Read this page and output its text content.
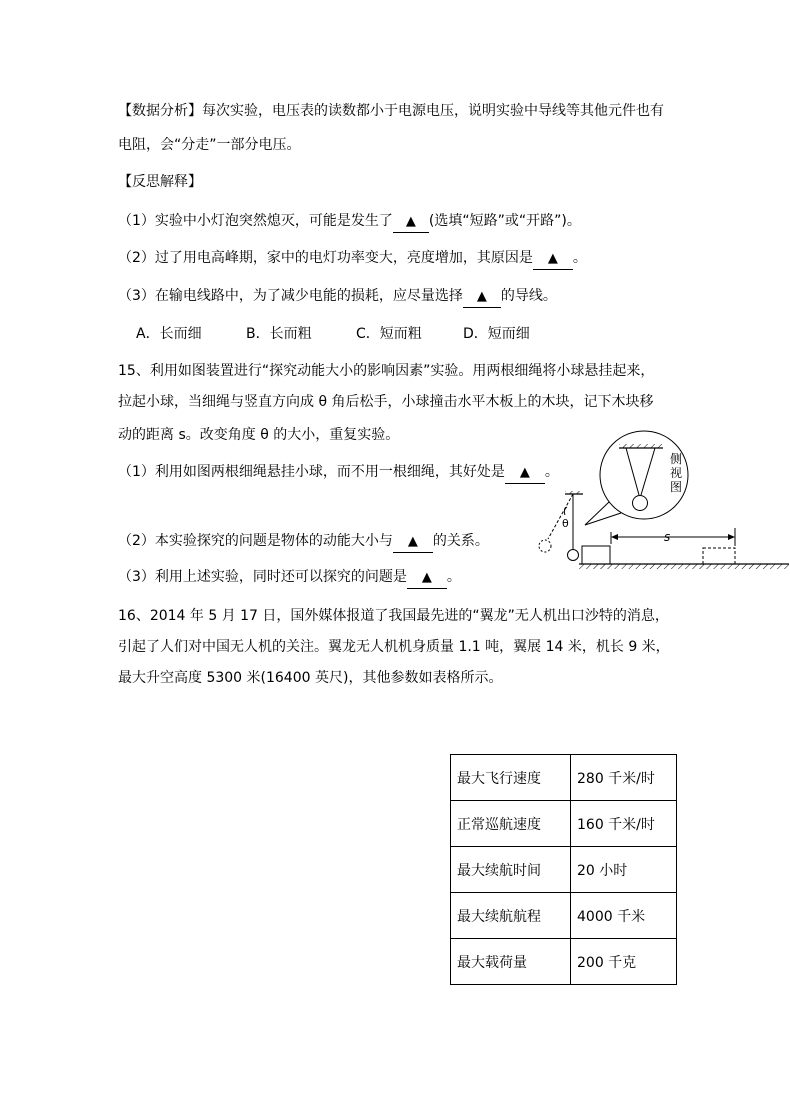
【数据分析】每次实验，电压表的读数都小于电源电压，说明实验中导线等其他元件也有
电阻，会“分走”一部分电压。
【反思解释】
（1）实验中小灯泡突然熄灭，可能是发生了 ▲ (选填“短路”或“开路”)。
（2）过了用电高峰期，家中的电灯功率变大，亮度增加，其原因是 ▲ 。
（3）在输电线路中，为了减少电能的损耗，应尽量选择 ▲ 的导线。
A．长而细	B．长而粗	C．短而粗	D．短而细
15、利用如图装置进行“探究动能大小的影响因素”实验。用两根细绳将小球悬挂起来，
拉起小球，当细绳与竖直方向成 θ 角后松手，小球撞击水平木板上的木块，记下木块移
动的距离 s。改变角度 θ 的大小，重复实验。
（1）利用如图两根细绳悬挂小球，而不用一根细绳，其好处是 ▲ 。
（2）本实验探究的问题是物体的动能大小与 ▲ 的关系。
（3）利用上述实验，同时还可以探究的问题是 ▲ 。
侧
视
图
θ
s
16、2014 年 5 月 17 日，国外媒体报道了我国最先进的“翼龙”无人机出口沙特的消息，
引起了人们对中国无人机的关注。翼龙无人机机身质量 1.1 吨，翼展 14 米，机长 9 米，
最大升空高度 5300 米(16400 英尺)，其他参数如表格所示。
最大飞行速度	280 千米/时
正常巡航速度	160 千米/时
最大续航时间	20 小时
最大续航航程	4000 千米
最大载荷量	200 千克
